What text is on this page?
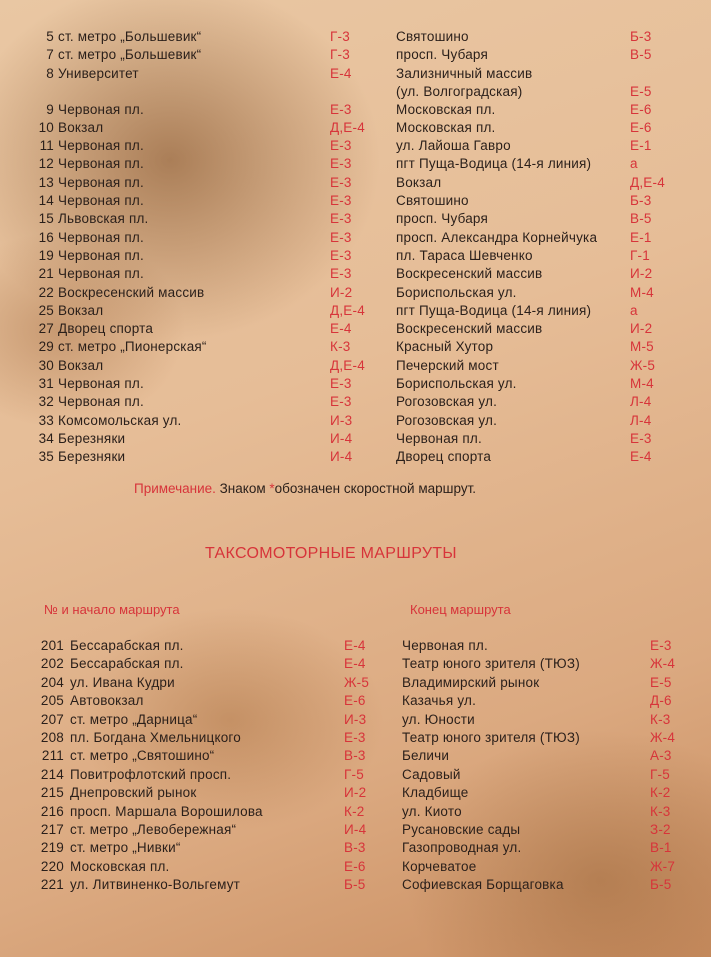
5 ст. метро „Большевик“	Г-3	Святошино	Б-3
7 ст. метро „Большевик“	Г-3	просп. Чубаря	В-5
8 Университет	Е-4	Зализничный массив
(ул. Волгоградская)	Е-5
9 Червоная пл.	Е-3	Московская пл.	Е-6
10 Вокзал	Д,Е-4	Московская пл.	Е-6
11 Червоная пл.	Е-3	ул. Лайоша Гавро	Е-1
12 Червоная пл.	Е-3	пгт Пуща-Водица (14-я линия)	а
13 Червоная пл.	Е-3	Вокзал	Д,Е-4
14 Червоная пл.	Е-3	Святошино	Б-3
15 Львовская пл.	Е-3	просп. Чубаря	В-5
16 Червоная пл.	Е-3	просп. Александра Корнейчука Е-1
19 Червоная пл.	Е-3	пл. Тараса Шевченко	Г-1
21 Червоная пл.	Е-3	Воскресенский массив	И-2
22 Воскресенский массив	И-2	Бориспольская ул.	М-4
25 Вокзал	Д,Е-4	пгт Пуща-Водица (14-я линия)	а
27 Дворец спорта	Е-4	Воскресенский массив	И-2
29 ст. метро „Пионерская“	К-3	Красный Хутор	М-5
30 Вокзал	Д,Е-4	Печерский мост	Ж-5
31 Червоная пл.	Е-3	Бориспольская ул.	М-4
32 Червоная пл.	Е-3	Рогозовская ул.	Л-4
33 Комсомольская ул.	И-3	Рогозовская ул.	Л-4
34 Березняки	И-4	Червоная пл.	Е-3
35 Березняки	И-4	Дворец спорта	Е-4
Примечание. Знаком *обозначен скоростной маршрут.
ТАКСОМОТОРНЫЕ МАРШРУТЫ
№ и начало маршрута	Конец маршрута
201 Бессарабская пл.	Е-4	Червоная пл.	Е-3
202 Бессарабская пл.	Е-4	Театр юного зрителя (ТЮЗ)	Ж-4
204 ул. Ивана Кудри	Ж-5	Владимирский рынок	Е-5
205 Автовокзал	Е-6	Казачья ул.	Д-6
207 ст. метро „Дарница“	И-3	ул. Юности	К-3
208 пл. Богдана Хмельницкого	Е-3	Театр юного зрителя (ТЮЗ)	Ж-4
211 ст. метро „Святошино“	В-3	Беличи	А-3
214 Повитрофлотский просп.	Г-5	Садовый	Г-5
215 Днепровский рынок	И-2	Кладбище	К-2
216 просп. Маршала Ворошилова	К-2	ул. Киото	К-3
217 ст. метро „Левобережная“	И-4	Русановские сады	З-2
219 ст. метро „Нивки“	В-3	Газопроводная ул.	В-1
220 Московская пл.	Е-6	Корчеватое	Ж-7
221 ул. Литвиненко-Вольгемут	Б-5	Софиевская Борщаговка	Б-5
